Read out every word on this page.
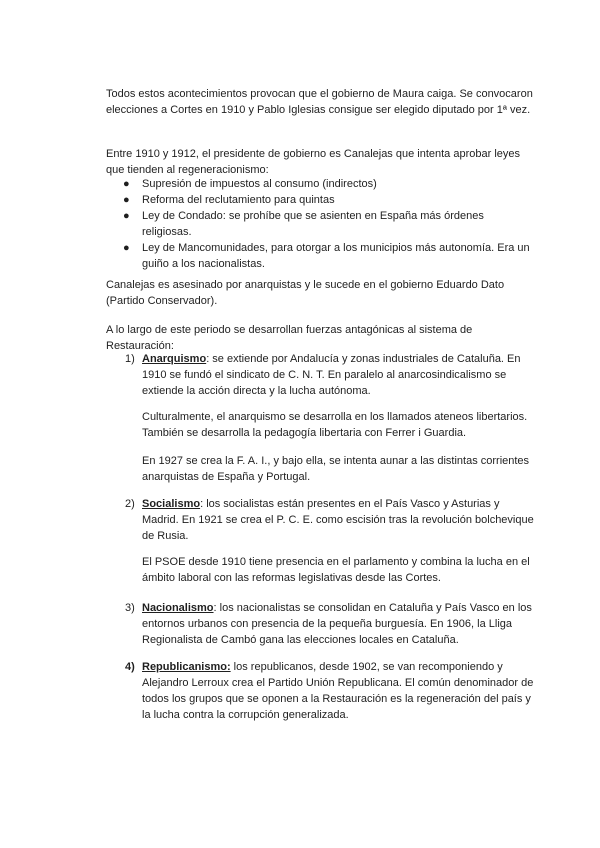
Todos estos acontecimientos provocan que el gobierno de Maura caiga. Se convocaron elecciones a Cortes en 1910 y Pablo Iglesias consigue ser elegido diputado por 1ª vez.
Entre 1910 y 1912, el presidente de gobierno es Canalejas que intenta aprobar leyes que tienden al regeneracionismo:
● Supresión de impuestos al consumo (indirectos)
● Reforma del reclutamiento para quintas
● Ley de Condado: se prohíbe que se asienten en España más órdenes religiosas.
● Ley de Mancomunidades, para otorgar a los municipios más autonomía. Era un guiño a los nacionalistas.
Canalejas es asesinado por anarquistas y le sucede en el gobierno Eduardo Dato (Partido Conservador).
A lo largo de este periodo se desarrollan fuerzas antagónicas al sistema de Restauración:
1) Anarquismo: se extiende por Andalucía y zonas industriales de Cataluña. En 1910 se fundó el sindicato de C. N. T. En paralelo al anarcosindicalismo se extiende la acción directa y la lucha autónoma.
Culturalmente, el anarquismo se desarrolla en los llamados ateneos libertarios. También se desarrolla la pedagogía libertaria con Ferrer i Guardia.
En 1927 se crea la F. A. I., y bajo ella, se intenta aunar a las distintas corrientes anarquistas de España y Portugal.
2) Socialismo: los socialistas están presentes en el País Vasco y Asturias y Madrid. En 1921 se crea el P. C. E. como escisión tras la revolución bolchevique de Rusia.
El PSOE desde 1910 tiene presencia en el parlamento y combina la lucha en el ámbito laboral con las reformas legislativas desde las Cortes.
3) Nacionalismo: los nacionalistas se consolidan en Cataluña y País Vasco en los entornos urbanos con presencia de la pequeña burguesía. En 1906, la Lliga Regionalista de Cambó gana las elecciones locales en Cataluña.
4) Republicanismo: los republicanos, desde 1902, se van recomponiendo y Alejandro Lerroux crea el Partido Unión Republicana. El común denominador de todos los grupos que se oponen a la Restauración es la regeneración del país y la lucha contra la corrupción generalizada.
